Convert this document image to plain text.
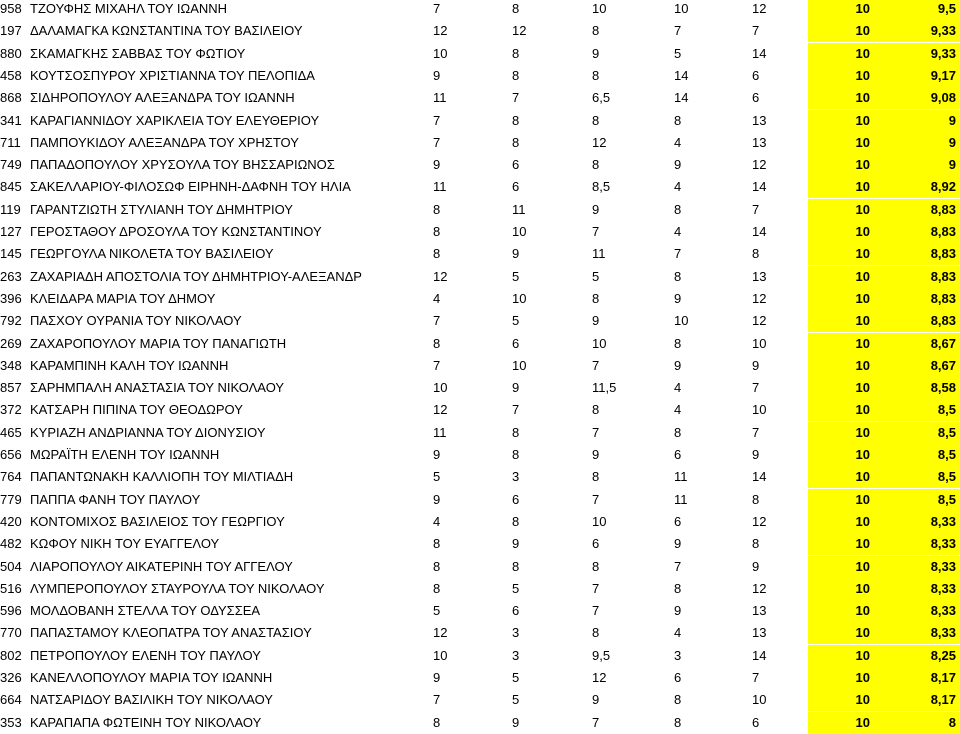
958 ΤΖΟΥΦΗΣ ΜΙΧΑΗΛ ΤΟΥ ΙΩΑΝΝΗ	7	8	10	10	12	10	9,5
197 ΔΑΛΑΜΑΓΚΑ ΚΩΝΣΤΑΝΤΙΝΑ ΤΟΥ ΒΑΣΙΛΕΙΟΥ	12	12	8	7	7	10	9,33
880 ΣΚΑΜΑΓΚΗΣ ΣΑΒΒΑΣ ΤΟΥ ΦΩΤΙΟΥ	10	8	9	5	14	10	9,33
458 ΚΟΥΤΣΟΣΠΥΡΟΥ ΧΡΙΣΤΙΑΝΝΑ ΤΟΥ ΠΕΛΟΠΙΔΑ	9	8	8	14	6	10	9,17
868 ΣΙΔΗΡΟΠΟΥΛΟΥ ΑΛΕΞΑΝΔΡΑ ΤΟΥ ΙΩΑΝΝΗ	11	7	6,5	14	6	10	9,08
341 ΚΑΡΑΓΙΑΝΝΙΔΟΥ ΧΑΡΙΚΛΕΙΑ ΤΟΥ ΕΛΕΥΘΕΡΙΟΥ	7	8	8	8	13	10	9
711 ΠΑΜΠΟΥΚΙΔΟΥ ΑΛΕΞΑΝΔΡΑ ΤΟΥ ΧΡΗΣΤΟΥ	7	8	12	4	13	10	9
749 ΠΑΠΑΔΟΠΟΥΛΟΥ ΧΡΥΣΟΥΛΑ ΤΟΥ ΒΗΣΣΑΡΙΩΝΟΣ	9	6	8	9	12	10	9
845 ΣΑΚΕΛΛΑΡΙΟΥ-ΦΙΛΟΣΩΦ ΕΙΡΗΝΗ-ΔΑΦΝΗ ΤΟΥ ΗΛΙΑ	11	6	8,5	4	14	10	8,92
119 ΓΑΡΑΝΤΖΙΩΤΗ ΣΤΥΛΙΑΝΗ ΤΟΥ ΔΗΜΗΤΡΙΟΥ	8	11	9	8	7	10	8,83
127 ΓΕΡΟΣΤΑΘΟΥ ΔΡΟΣΟΥΛΑ ΤΟΥ ΚΩΝΣΤΑΝΤΙΝΟΥ	8	10	7	4	14	10	8,83
145 ΓΕΩΡΓΟΥΛΑ ΝΙΚΟΛΕΤΑ ΤΟΥ ΒΑΣΙΛΕΙΟΥ	8	9	11	7	8	10	8,83
263 ΖΑΧΑΡΙΑΔΗ ΑΠΟΣΤΟΛΙΑ ΤΟΥ ΔΗΜΗΤΡΙΟΥ-ΑΛΕΞΑΝΔΡ	12	5	5	8	13	10	8,83
396 ΚΛΕΙΔΑΡΑ ΜΑΡΙΑ ΤΟΥ ΔΗΜΟΥ	4	10	8	9	12	10	8,83
792 ΠΑΣΧΟΥ ΟΥΡΑΝΙΑ ΤΟΥ ΝΙΚΟΛΑΟΥ	7	5	9	10	12	10	8,83
269 ΖΑΧΑΡΟΠΟΥΛΟΥ ΜΑΡΙΑ ΤΟΥ ΠΑΝΑΓΙΩΤΗ	8	6	10	8	10	10	8,67
348 ΚΑΡΑΜΠΙΝΗ ΚΑΛΗ ΤΟΥ ΙΩΑΝΝΗ	7	10	7	9	9	10	8,67
857 ΣΑΡΗΜΠΑΛΗ ΑΝΑΣΤΑΣΙΑ ΤΟΥ ΝΙΚΟΛΑΟΥ	10	9	11,5	4	7	10	8,58
372 ΚΑΤΣΑΡΗ ΠΙΠΙΝΑ ΤΟΥ ΘΕΟΔΩΡΟΥ	12	7	8	4	10	10	8,5
465 ΚΥΡΙΑΖΗ ΑΝΔΡΙΑΝΝΑ ΤΟΥ ΔΙΟΝΥΣΙΟΥ	11	8	7	8	7	10	8,5
656 ΜΩΡΑΪΤΗ ΕΛΕΝΗ ΤΟΥ ΙΩΑΝΝΗ	9	8	9	6	9	10	8,5
764 ΠΑΠΑΝΤΩΝΑΚΗ ΚΑΛΛΙΟΠΗ ΤΟΥ ΜΙΛΤΙΑΔΗ	5	3	8	11	14	10	8,5
779 ΠΑΠΠΑ ΦΑΝΗ ΤΟΥ ΠΑΥΛΟΥ	9	6	7	11	8	10	8,5
420 ΚΟΝΤΟΜΙΧΟΣ ΒΑΣΙΛΕΙΟΣ ΤΟΥ ΓΕΩΡΓΙΟΥ	4	8	10	6	12	10	8,33
482 ΚΩΦΟΥ ΝΙΚΗ ΤΟΥ ΕΥΑΓΓΕΛΟΥ	8	9	6	9	8	10	8,33
504 ΛΙΑΡΟΠΟΥΛΟΥ ΑΙΚΑΤΕΡΙΝΗ ΤΟΥ ΑΓΓΕΛΟΥ	8	8	8	7	9	10	8,33
516 ΛΥΜΠΕΡΟΠΟΥΛΟΥ ΣΤΑΥΡΟΥΛΑ ΤΟΥ ΝΙΚΟΛΑΟΥ	8	5	7	8	12	10	8,33
596 ΜΟΛΔΟΒΑΝΗ ΣΤΕΛΛΑ ΤΟΥ ΟΔΥΣΣΕΑ	5	6	7	9	13	10	8,33
770 ΠΑΠΑΣΤΑΜΟΥ ΚΛΕΟΠΑΤΡΑ ΤΟΥ ΑΝΑΣΤΑΣΙΟΥ	12	3	8	4	13	10	8,33
802 ΠΕΤΡΟΠΟΥΛΟΥ ΕΛΕΝΗ ΤΟΥ ΠΑΥΛΟΥ	10	3	9,5	3	14	10	8,25
326 ΚΑΝΕΛΛΟΠΟΥΛΟΥ ΜΑΡΙΑ ΤΟΥ ΙΩΑΝΝΗ	9	5	12	6	7	10	8,17
664 ΝΑΤΣΑΡΙΔΟΥ ΒΑΣΙΛΙΚΗ ΤΟΥ ΝΙΚΟΛΑΟΥ	7	5	9	8	10	10	8,17
353 ΚΑΡΑΠΑΠΑ ΦΩΤΕΙΝΗ ΤΟΥ ΝΙΚΟΛΑΟΥ	8	9	7	8	6	10	8
